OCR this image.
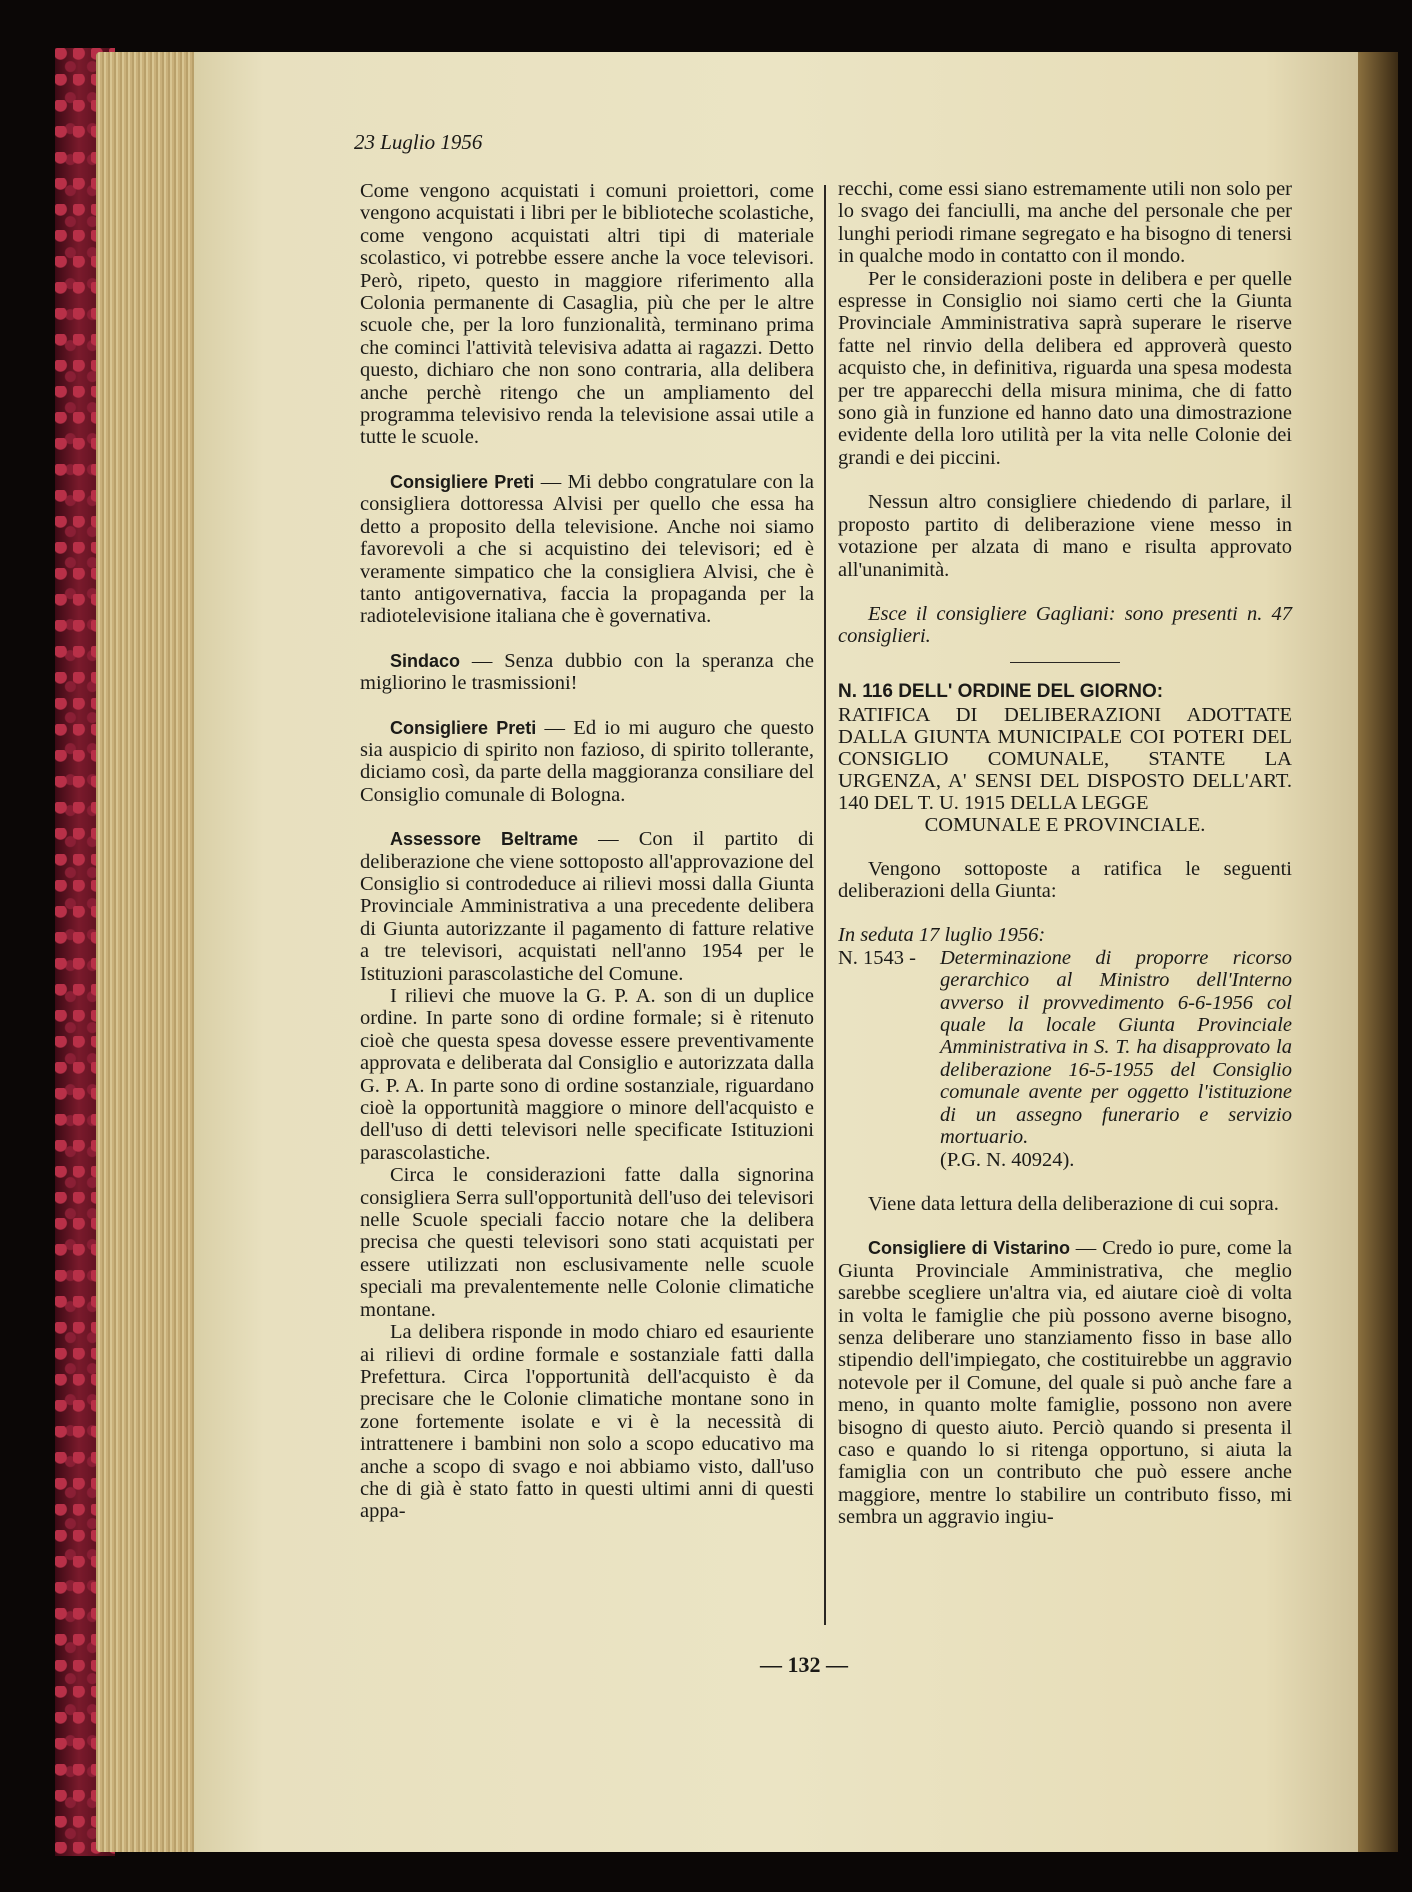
23 Luglio 1956

Come vengono acquistati i comuni proiettori, come vengono acquistati i libri per le biblioteche scolastiche, come vengono acquistati altri tipi di materiale scolastico, vi potrebbe essere anche la voce televisori. Però, ripeto, questo in maggiore riferimento alla Colonia permanente di Casaglia, più che per le altre scuole che, per la loro funzionalità, terminano prima che cominci l'attività televisiva adatta ai ragazzi. Detto questo, dichiaro che non sono contraria, alla delibera anche perchè ritengo che un ampliamento del programma televisivo renda la televisione assai utile a tutte le scuole.

Consigliere Preti — Mi debbo congratulare con la consigliera dottoressa Alvisi per quello che essa ha detto a proposito della televisione. Anche noi siamo favorevoli a che si acquistino dei televisori; ed è veramente simpatico che la consigliera Alvisi, che è tanto antigovernativa, faccia la propaganda per la radiotelevisione italiana che è governativa.

Sindaco — Senza dubbio con la speranza che migliorino le trasmissioni!

Consigliere Preti — Ed io mi auguro che questo sia auspicio di spirito non fazioso, di spirito tollerante, diciamo così, da parte della maggioranza consiliare del Consiglio comunale di Bologna.

Assessore Beltrame — Con il partito di deliberazione che viene sottoposto all'approvazione del Consiglio si controdeduce ai rilievi mossi dalla Giunta Provinciale Amministrativa a una precedente delibera di Giunta autorizzante il pagamento di fatture relative a tre televisori, acquistati nell'anno 1954 per le Istituzioni parascolastiche del Comune.

I rilievi che muove la G. P. A. son di un duplice ordine. In parte sono di ordine formale; si è ritenuto cioè che questa spesa dovesse essere preventivamente approvata e deliberata dal Consiglio e autorizzata dalla G. P. A. In parte sono di ordine sostanziale, riguardano cioè la opportunità maggiore o minore dell'acquisto e dell'uso di detti televisori nelle specificate Istituzioni parascolastiche.

Circa le considerazioni fatte dalla signorina consigliera Serra sull'opportunità dell'uso dei televisori nelle Scuole speciali faccio notare che la delibera precisa che questi televisori sono stati acquistati per essere utilizzati non esclusivamente nelle scuole speciali ma prevalentemente nelle Colonie climatiche montane.

La delibera risponde in modo chiaro ed esauriente ai rilievi di ordine formale e sostanziale fatti dalla Prefettura. Circa l'opportunità dell'acquisto è da precisare che le Colonie climatiche montane sono in zone fortemente isolate e vi è la necessità di intrattenere i bambini non solo a scopo educativo ma anche a scopo di svago e noi abbiamo visto, dall'uso che di già è stato fatto in questi ultimi anni di questi appa-

recchi, come essi siano estremamente utili non solo per lo svago dei fanciulli, ma anche del personale che per lunghi periodi rimane segregato e ha bisogno di tenersi in qualche modo in contatto con il mondo.

Per le considerazioni poste in delibera e per quelle espresse in Consiglio noi siamo certi che la Giunta Provinciale Amministrativa saprà superare le riserve fatte nel rinvio della delibera ed approverà questo acquisto che, in definitiva, riguarda una spesa modesta per tre apparecchi della misura minima, che di fatto sono già in funzione ed hanno dato una dimostrazione evidente della loro utilità per la vita nelle Colonie dei grandi e dei piccini.

Nessun altro consigliere chiedendo di parlare, il proposto partito di deliberazione viene messo in votazione per alzata di mano e risulta approvato all'unanimità.

Esce il consigliere Gagliani: sono presenti n. 47 consiglieri.

N. 116 DELL' ORDINE DEL GIORNO:

RATIFICA DI DELIBERAZIONI ADOTTATE DALLA GIUNTA MUNICIPALE COI POTERI DEL CONSIGLIO COMUNALE, STANTE LA URGENZA, A' SENSI DEL DISPOSTO DELL'ART. 140 DEL T. U. 1915 DELLA LEGGE

COMUNALE E PROVINCIALE.

Vengono sottoposte a ratifica le seguenti deliberazioni della Giunta:

In seduta 17 luglio 1956:

N. 1543 -	Determinazione di proporre ricorso gerarchico al Ministro dell'Interno avverso il provvedimento 6-6-1956 col quale la locale Giunta Provinciale Amministrativa in S. T. ha disapprovato la deliberazione 16-5-1955 del Consiglio comunale avente per oggetto l'istituzione di un assegno funerario e servizio mortuario.
(P.G. N. 40924).

Viene data lettura della deliberazione di cui sopra.

Consigliere di Vistarino — Credo io pure, come la Giunta Provinciale Amministrativa, che meglio sarebbe scegliere un'altra via, ed aiutare cioè di volta in volta le famiglie che più possono averne bisogno, senza deliberare uno stanziamento fisso in base allo stipendio dell'impiegato, che costituirebbe un aggravio notevole per il Comune, del quale si può anche fare a meno, in quanto molte famiglie, possono non avere bisogno di questo aiuto. Perciò quando si presenta il caso e quando lo si ritenga opportuno, si aiuta la famiglia con un contributo che può essere anche maggiore, mentre lo stabilire un contributo fisso, mi sembra un aggravio ingiu-

— 132 —
